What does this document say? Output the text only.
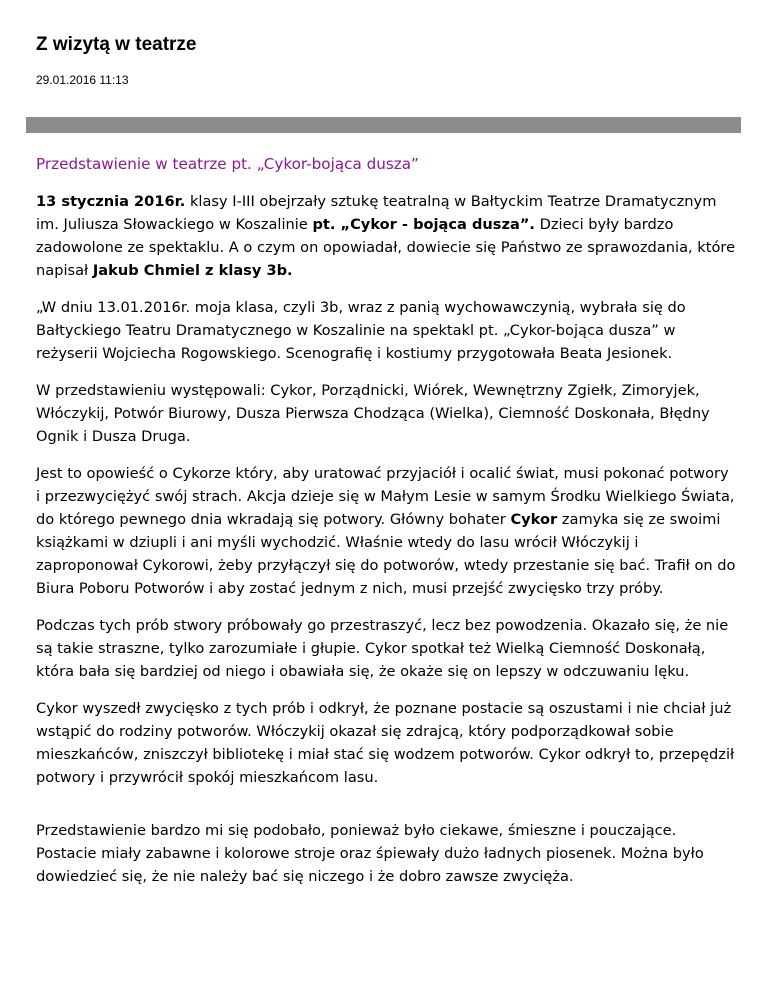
Z wizytą w teatrze
29.01.2016 11:13
Przedstawienie w teatrze pt. „Cykor-bojąca dusza”

13 stycznia 2016r. klasy I-III obejrzały sztukę teatralną w Bałtyckim Teatrze Dramatycznym im. Juliusza Słowackiego w Koszalinie pt. „Cykor - bojąca dusza”. Dzieci były bardzo zadowolone ze spektaklu. A o czym on opowiadał, dowiecie się Państwo ze sprawozdania, które napisał Jakub Chmiel z klasy 3b.

„W dniu 13.01.2016r. moja klasa, czyli 3b, wraz z panią wychowawczynią, wybrała się do Bałtyckiego Teatru Dramatycznego w Koszalinie na spektakl pt. „Cykor-bojąca dusza” w reżyserii Wojciecha Rogowskiego. Scenografię i kostiumy przygotowała Beata Jesionek.

W przedstawieniu występowali: Cykor, Porządnicki, Wiórek, Wewnętrzny Zgiełk, Zimoryjek, Włóczykij, Potwór Biurowy, Dusza Pierwsza Chodząca (Wielka), Ciemność Doskonała, Błędny Ognik i Dusza Druga.

Jest to opowieść o Cykorze który, aby uratować przyjaciół i ocalić świat, musi pokonać potwory i przezwyciężyć swój strach. Akcja dzieje się w Małym Lesie w samym Środku Wielkiego Świata, do którego pewnego dnia wkradają się potwory. Główny bohater Cykor zamyka się ze swoimi książkami w dziupli i ani myśli wychodzić. Właśnie wtedy do lasu wrócił Włóczykij i zaproponował Cykorowi, żeby przyłączył się do potworów, wtedy przestanie się bać. Trafił on do Biura Poboru Potworów i aby zostać jednym z nich, musi przejść zwycięsko trzy próby.

Podczas tych prób stwory próbowały go przestraszyć, lecz bez powodzenia. Okazało się, że nie są takie straszne, tylko zarozumiałe i głupie. Cykor spotkał też Wielką Ciemność Doskonałą, która bała się bardziej od niego i obawiała się, że okaże się on lepszy w odczuwaniu lęku.

Cykor wyszedł zwycięsko z tych prób i odkrył, że poznane postacie są oszustami i nie chciał już wstąpić do rodziny potworów. Włóczykij okazał się zdrajcą, który podporządkował sobie mieszkańców, zniszczył bibliotekę i miał stać się wodzem potworów. Cykor odkrył to, przepędził potwory i przywrócił spokój mieszkańcom lasu.

Przedstawienie bardzo mi się podobało, ponieważ było ciekawe, śmieszne i pouczające. Postacie miały zabawne i kolorowe stroje oraz śpiewały dużo ładnych piosenek. Można było dowiedzieć się, że nie należy bać się niczego i że dobro zawsze zwycięża.
